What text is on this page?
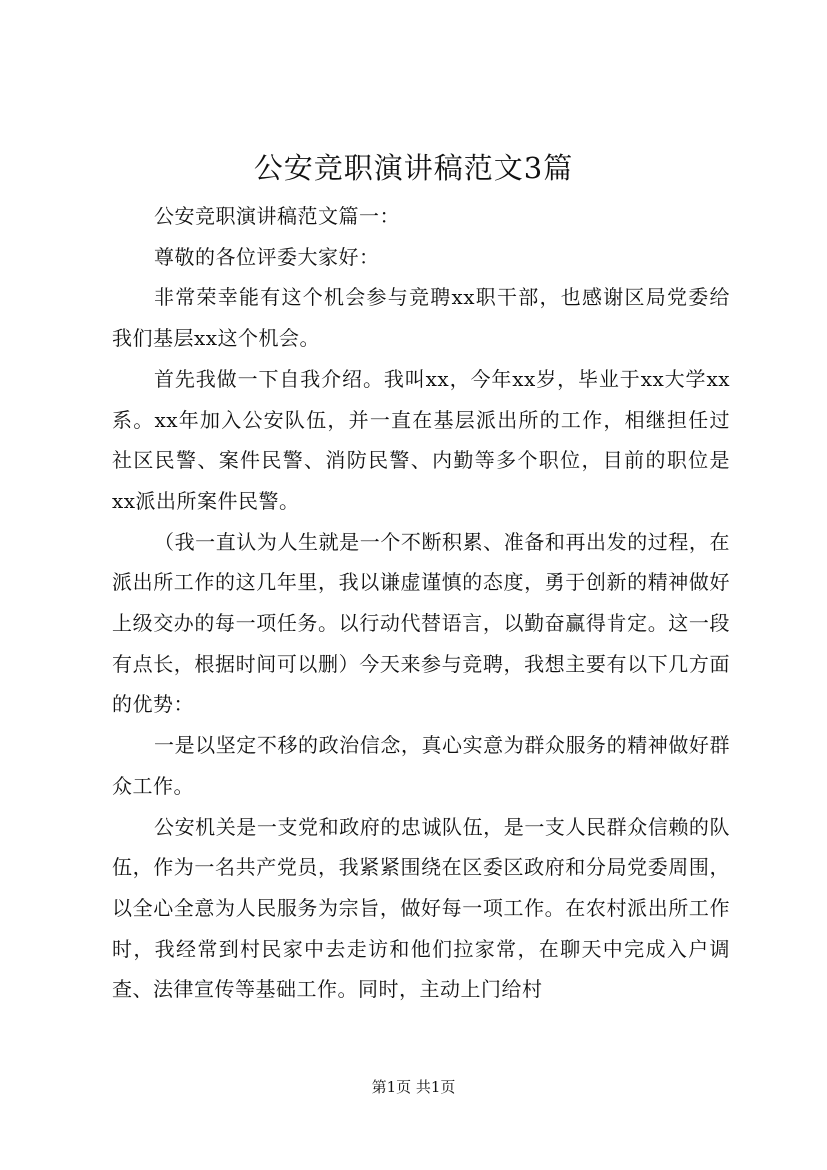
公安竞职演讲稿范文3篇

公安竞职演讲稿范文篇一：

尊敬的各位评委大家好：

非常荣幸能有这个机会参与竞聘xx职干部，也感谢区局党委给我们基层xx这个机会。

首先我做一下自我介绍。我叫xx，今年xx岁，毕业于xx大学xx系。xx年加入公安队伍，并一直在基层派出所的工作，相继担任过社区民警、案件民警、消防民警、内勤等多个职位，目前的职位是xx派出所案件民警。

（我一直认为人生就是一个不断积累、准备和再出发的过程，在派出所工作的这几年里，我以谦虚谨慎的态度，勇于创新的精神做好上级交办的每一项任务。以行动代替语言，以勤奋赢得肯定。这一段有点长，根据时间可以删）今天来参与竞聘，我想主要有以下几方面的优势：

一是以坚定不移的政治信念，真心实意为群众服务的精神做好群众工作。

公安机关是一支党和政府的忠诚队伍，是一支人民群众信赖的队伍，作为一名共产党员，我紧紧围绕在区委区政府和分局党委周围，以全心全意为人民服务为宗旨，做好每一项工作。在农村派出所工作时，我经常到村民家中去走访和他们拉家常，在聊天中完成入户调查、法律宣传等基础工作。同时，主动上门给村

第1页 共1页
